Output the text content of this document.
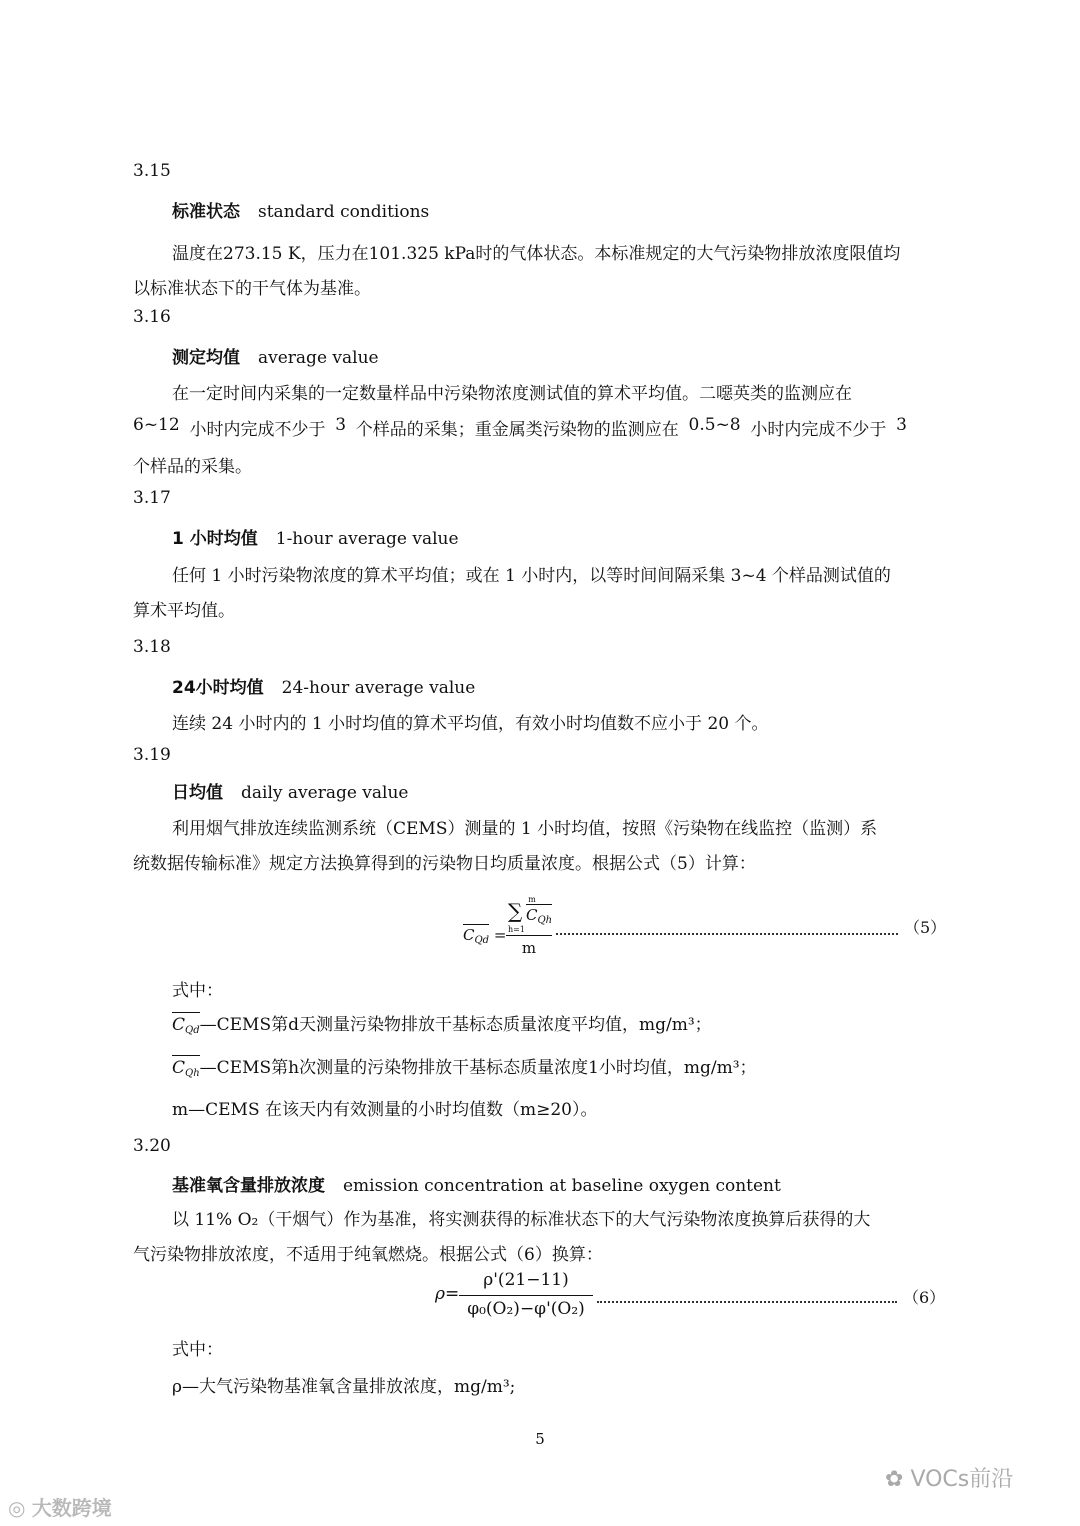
3.15
标准状态 standard conditions
温度在273.15 K，压力在101.325 kPa时的气体状态。本标准规定的大气污染物排放浓度限值均
以标准状态下的干气体为基准。
3.16
测定均值 average value
在一定时间内采集的一定数量样品中污染物浓度测试值的算术平均值。二噁英类的监测应在
6~12 小时内完成不少于 3 个样品的采集；重金属类污染物的监测应在 0.5~8 小时内完成不少于 3
个样品的采集。
3.17
1 小时均值 1-hour average value
任何 1 小时污染物浓度的算术平均值；或在 1 小时内，以等时间间隔采集 3~4 个样品测试值的
算术平均值。
3.18
24小时均值 24-hour average value
连续 24 小时内的 1 小时均值的算术平均值，有效小时均值数不应小于 20 个。
3.19
日均值 daily average value
利用烟气排放连续监测系统（CEMS）测量的 1 小时均值，按照《污染物在线监控（监测）系
统数据传输标准》规定方法换算得到的污染物日均质量浓度。根据公式（5）计算：
$C_{Qd}$ =
m
∑
h=1
$C_{Qh}$
m
（5）
式中：
$C_{Qd}—CEMS$第d天测量污染物排放干基标态质量浓度平均值，mg/m³；
$C_{Qh}—CEMS$第h次测量的污染物排放干基标态质量浓度1小时均值，mg/m³；
m—CEMS 在该天内有效测量的小时均值数（m≥20）。
3.20
基准氧含量排放浓度 emission concentration at baseline oxygen content
以 11% O₂（干烟气）作为基准，将实测获得的标准状态下的大气污染物浓度换算后获得的大
气污染物排放浓度，不适用于纯氧燃烧。根据公式（6）换算：
ρ=
ρ'(21−11)
φ₀(O₂)−φ'(O₂)
（6）
式中：
ρ—大气污染物基准氧含量排放浓度，mg/m³;
5
◎ 大数跨境
✿ VOCs前沿
